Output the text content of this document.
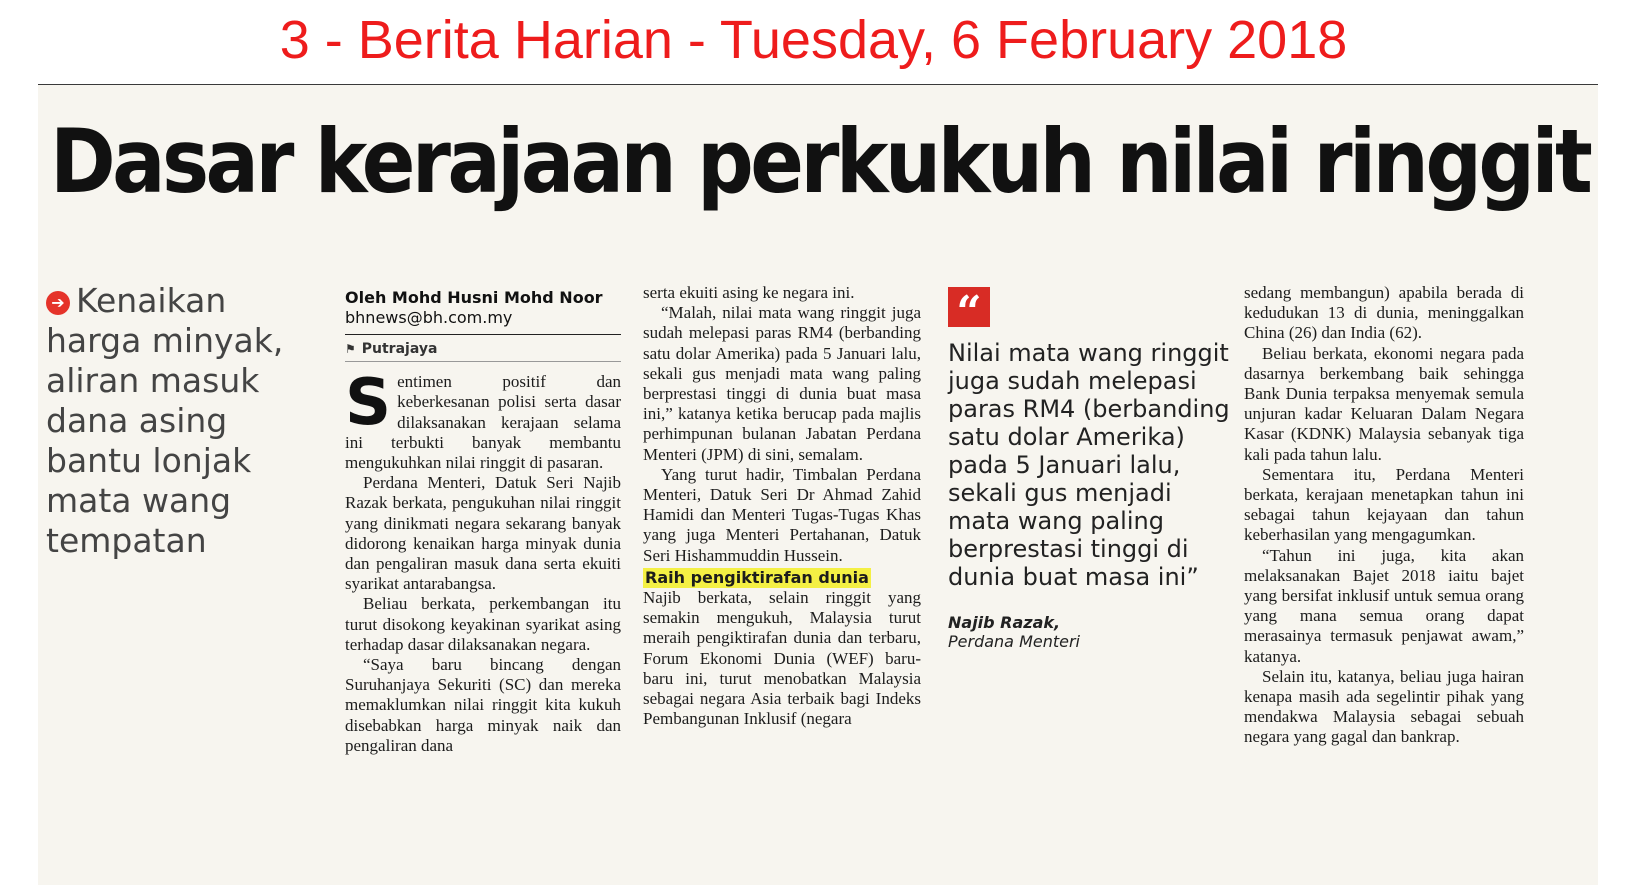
3 - Berita Harian - Tuesday, 6 February 2018
Dasar kerajaan perkukuh nilai ringgit
➔ Kenaikan harga minyak, aliran masuk dana asing bantu lonjak mata wang tempatan
Oleh Mohd Husni Mohd Noor
bhnews@bh.com.my
⚑ Putrajaya

Sentimen positif dan keberkesanan polisi serta dasar dilaksanakan kerajaan selama ini terbukti banyak membantu mengukuhkan nilai ringgit di pasaran.

Perdana Menteri, Datuk Seri Najib Razak berkata, pengukuhan nilai ringgit yang dinikmati negara sekarang banyak didorong kenaikan harga minyak dunia dan pengaliran masuk dana serta ekuiti syarikat antarabangsa.

Beliau berkata, perkembangan itu turut disokong keyakinan syarikat asing terhadap dasar dilaksanakan negara.

“Saya baru bincang dengan Suruhanjaya Sekuriti (SC) dan mereka memaklumkan nilai ringgit kita kukuh disebabkan harga minyak naik dan pengaliran dana

serta ekuiti asing ke negara ini.

“Malah, nilai mata wang ringgit juga sudah melepasi paras RM4 (berbanding satu dolar Amerika) pada 5 Januari lalu, sekali gus menjadi mata wang paling berprestasi tinggi di dunia buat masa ini,” katanya ketika berucap pada majlis perhimpunan bulanan Jabatan Perdana Menteri (JPM) di sini, semalam.

Yang turut hadir, Timbalan Perdana Menteri, Datuk Seri Dr Ahmad Zahid Hamidi dan Menteri Tugas-Tugas Khas yang juga Menteri Pertahanan, Datuk Seri Hishammuddin Hussein.

Raih pengiktirafan dunia

Najib berkata, selain ringgit yang semakin mengukuh, Malaysia turut meraih pengiktirafan dunia dan terbaru, Forum Ekonomi Dunia (WEF) baru-baru ini, turut menobatkan Malaysia sebagai negara Asia terbaik bagi Indeks Pembangunan Inklusif (negara

“
Nilai mata wang ringgit juga sudah melepasi paras RM4 (berbanding satu dolar Amerika) pada 5 Januari lalu, sekali gus menjadi mata wang paling berprestasi tinggi di dunia buat masa ini”
Najib Razak,
Perdana Menteri

sedang membangun) apabila berada di kedudukan 13 di dunia, meninggalkan China (26) dan India (62).

Beliau berkata, ekonomi negara pada dasarnya berkembang baik sehingga Bank Dunia terpaksa menyemak semula unjuran kadar Keluaran Dalam Negara Kasar (KDNK) Malaysia sebanyak tiga kali pada tahun lalu.

Sementara itu, Perdana Menteri berkata, kerajaan menetapkan tahun ini sebagai tahun kejayaan dan tahun keberhasilan yang mengagumkan.

“Tahun ini juga, kita akan melaksanakan Bajet 2018 iaitu bajet yang bersifat inklusif untuk semua orang yang mana semua orang dapat merasainya termasuk penjawat awam,” katanya.

Selain itu, katanya, beliau juga hairan kenapa masih ada segelintir pihak yang mendakwa Malaysia sebagai sebuah negara yang gagal dan bankrap.
